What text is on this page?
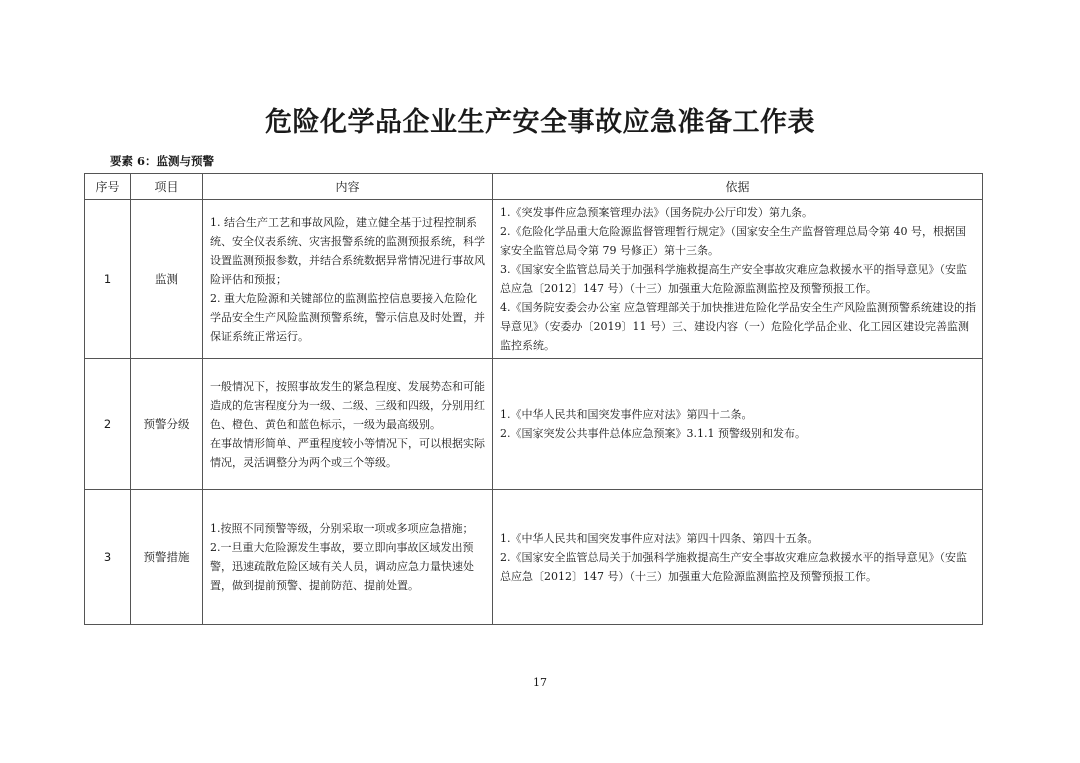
危险化学品企业生产安全事故应急准备工作表
要素 6：监测与预警
序号	项目	内容	依据
1	监测	1. 结合生产工艺和事故风险，建立健全基于过程控制系统、安全仪表系统、灾害报警系统的监测预报系统，科学设置监测预报参数，并结合系统数据异常情况进行事故风险评估和预报；
2. 重大危险源和关键部位的监测监控信息要接入危险化学品安全生产风险监测预警系统，警示信息及时处置，并保证系统正常运行。	1.《突发事件应急预案管理办法》（国务院办公厅印发）第九条。
2.《危险化学品重大危险源监督管理暂行规定》（国家安全生产监督管理总局令第 40 号，根据国家安全监管总局令第 79 号修正）第十三条。
3.《国家安全监管总局关于加强科学施救提高生产安全事故灾难应急救援水平的指导意见》（安监总应急〔2012〕147 号）（十三）加强重大危险源监测监控及预警预报工作。
4.《国务院安委会办公室 应急管理部关于加快推进危险化学品安全生产风险监测预警系统建设的指导意见》（安委办〔2019〕11 号）三、建设内容（一）危险化学品企业、化工园区建设完善监测监控系统。

2	预警分级	一般情况下，按照事故发生的紧急程度、发展势态和可能造成的危害程度分为一级、二级、三级和四级，分别用红色、橙色、黄色和蓝色标示，一级为最高级别。
在事故情形简单、严重程度较小等情况下，可以根据实际情况，灵活调整分为两个或三个等级。	1.《中华人民共和国突发事件应对法》第四十二条。
2.《国家突发公共事件总体应急预案》3.1.1 预警级别和发布。

3	预警措施	1.按照不同预警等级，分别采取一项或多项应急措施；
2.一旦重大危险源发生事故，要立即向事故区域发出预警，迅速疏散危险区域有关人员，调动应急力量快速处置，做到提前预警、提前防范、提前处置。	1.《中华人民共和国突发事件应对法》第四十四条、第四十五条。
2.《国家安全监管总局关于加强科学施救提高生产安全事故灾难应急救援水平的指导意见》（安监总应急〔2012〕147 号）（十三）加强重大危险源监测监控及预警预报工作。
17
